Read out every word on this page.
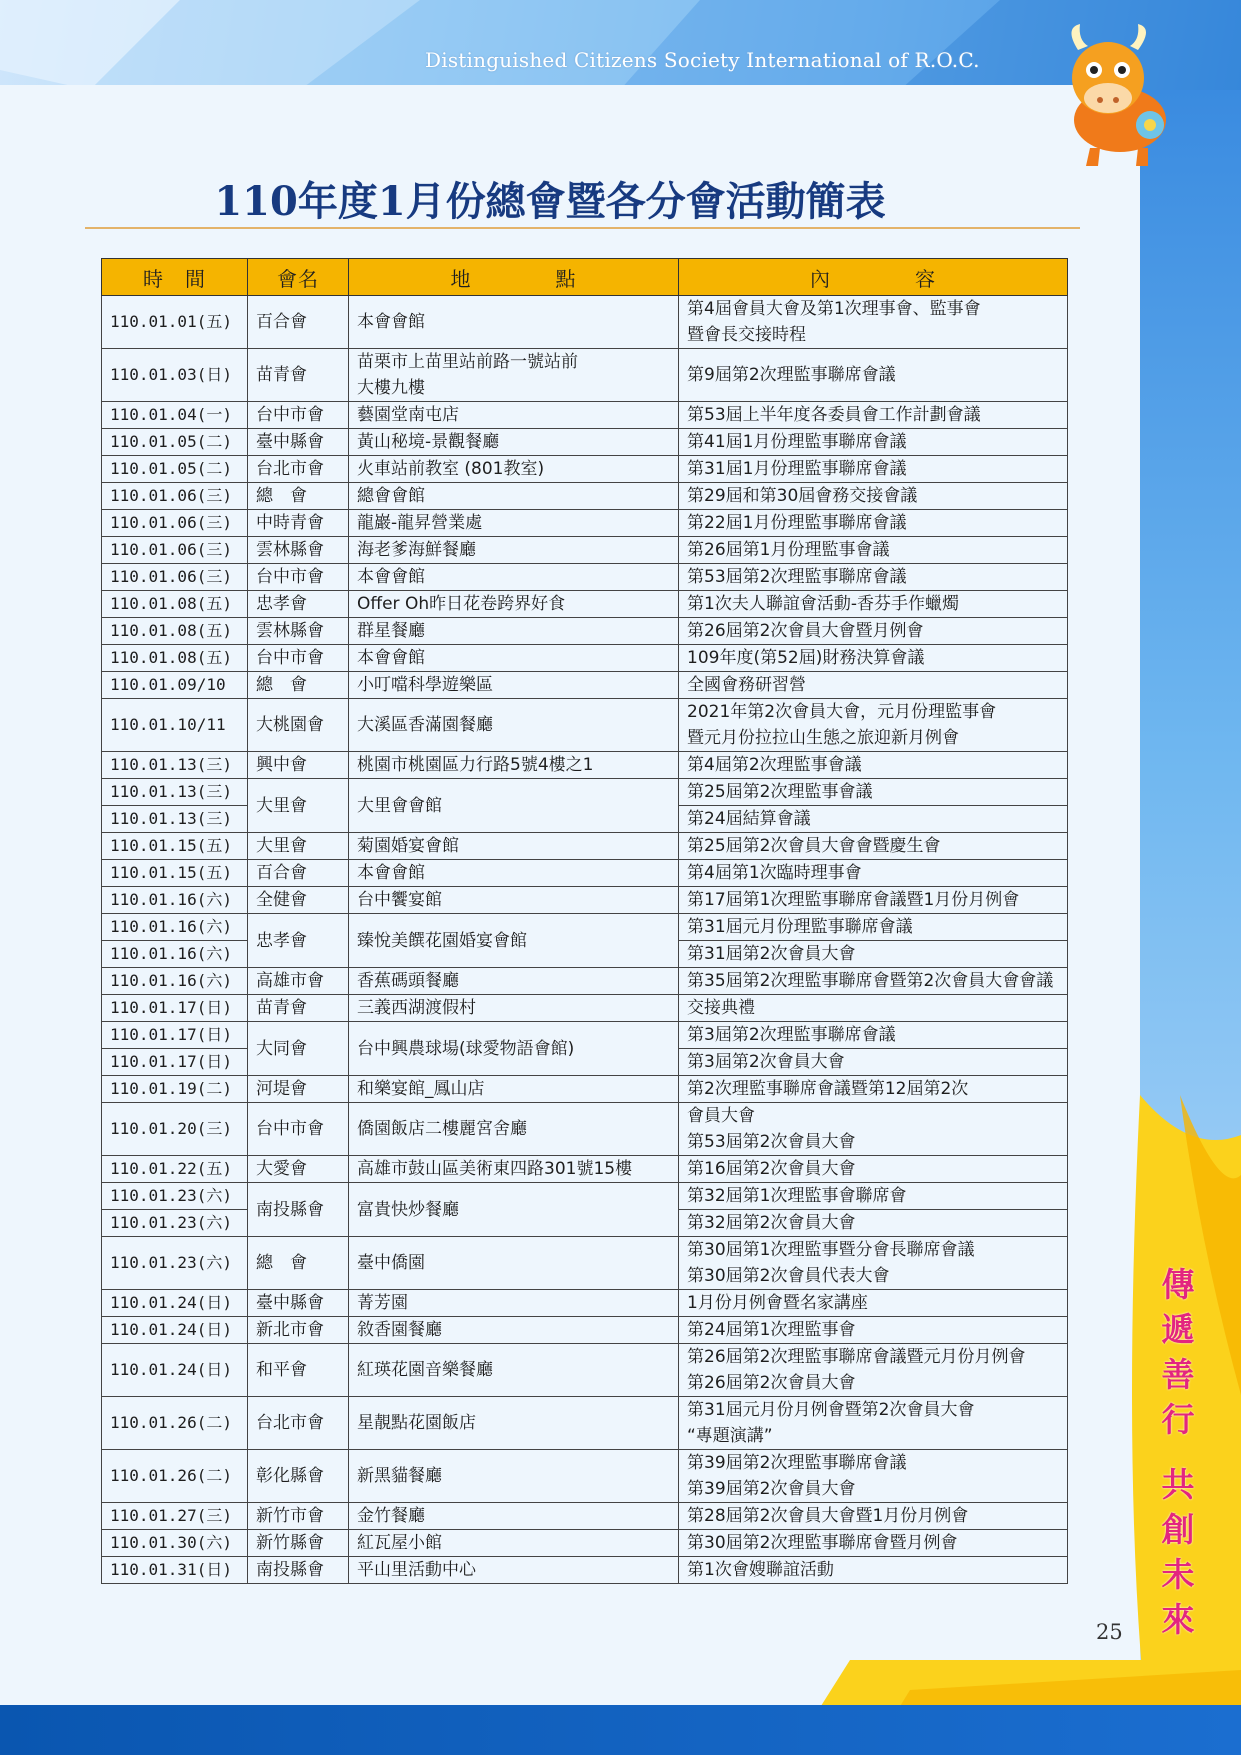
Distinguished Citizens Society International of R.O.C.
110年度1月份總會暨各分會活動簡表
時　間	會名	地　　　　點	內　　　　容
110.01.01(五)	百合會	本會會館	第4屆會員大會及第1次理事會、監事會
暨會長交接時程
110.01.03(日)	苗青會	苗栗市上苗里站前路一號站前
大樓九樓	第9屆第2次理監事聯席會議
110.01.04(一)	台中市會	藝園堂南屯店	第53屆上半年度各委員會工作計劃會議
110.01.05(二)	臺中縣會	黃山秘境-景觀餐廳	第41屆1月份理監事聯席會議
110.01.05(二)	台北市會	火車站前教室 (801教室)	第31屆1月份理監事聯席會議
110.01.06(三)	總　會	總會會館	第29屆和第30屆會務交接會議
110.01.06(三)	中時青會	龍巖-龍昇營業處	第22屆1月份理監事聯席會議
110.01.06(三)	雲林縣會	海老爹海鮮餐廳	第26屆第1月份理監事會議
110.01.06(三)	台中市會	本會會館	第53屆第2次理監事聯席會議
110.01.08(五)	忠孝會	Offer Oh昨日花卷跨界好食	第1次夫人聯誼會活動-香芬手作蠟燭
110.01.08(五)	雲林縣會	群星餐廳	第26屆第2次會員大會暨月例會
110.01.08(五)	台中市會	本會會館	109年度(第52屆)財務決算會議
110.01.09/10	總　會	小叮噹科學遊樂區	全國會務研習營
110.01.10/11	大桃園會	大溪區香滿園餐廳	2021年第2次會員大會，元月份理監事會
暨元月份拉拉山生態之旅迎新月例會
110.01.13(三)	興中會	桃園市桃園區力行路5號4樓之1	第4屆第2次理監事會議
110.01.13(三)	大里會	大里會會館	第25屆第2次理監事會議
110.01.13(三)			第24屆結算會議
110.01.15(五)	大里會	菊園婚宴會館	第25屆第2次會員大會會暨慶生會
110.01.15(五)	百合會	本會會館	第4屆第1次臨時理事會
110.01.16(六)	全健會	台中饗宴館	第17屆第1次理監事聯席會議暨1月份月例會
110.01.16(六)	忠孝會	臻悅美饌花園婚宴會館	第31屆元月份理監事聯席會議
110.01.16(六)			第31屆第2次會員大會
110.01.16(六)	高雄市會	香蕉碼頭餐廳	第35屆第2次理監事聯席會暨第2次會員大會會議
110.01.17(日)	苗青會	三義西湖渡假村	交接典禮
110.01.17(日)	大同會	台中興農球場(球愛物語會館)	第3屆第2次理監事聯席會議
110.01.17(日)			第3屆第2次會員大會
110.01.19(二)	河堤會	和樂宴館_鳳山店	第2次理監事聯席會議暨第12屆第2次
110.01.20(三)	台中市會	僑園飯店二樓麗宮舍廳	會員大會
第53屆第2次會員大會
110.01.22(五)	大愛會	高雄市鼓山區美術東四路301號15樓	第16屆第2次會員大會
110.01.23(六)	南投縣會	富貴快炒餐廳	第32屆第1次理監事會聯席會
110.01.23(六)			第32屆第2次會員大會
110.01.23(六)	總　會	臺中僑園	第30屆第1次理監事暨分會長聯席會議
第30屆第2次會員代表大會
110.01.24(日)	臺中縣會	菁芳園	1月份月例會暨名家講座
110.01.24(日)	新北市會	敘香園餐廳	第24屆第1次理監事會
110.01.24(日)	和平會	紅瑛花園音樂餐廳	第26屆第2次理監事聯席會議暨元月份月例會
第26屆第2次會員大會
110.01.26(二)	台北市會	星靚點花園飯店	第31屆元月份月例會暨第2次會員大會
“專題演講”
110.01.26(二)	彰化縣會	新黑貓餐廳	第39屆第2次理監事聯席會議
第39屆第2次會員大會
110.01.27(三)	新竹市會	金竹餐廳	第28屆第2次會員大會暨1月份月例會
110.01.30(六)	新竹縣會	紅瓦屋小館	第30屆第2次理監事聯席會暨月例會
110.01.31(日)	南投縣會	平山里活動中心	第1次會嫂聯誼活動
傳
遞
善
行
共
創
未
來
25
